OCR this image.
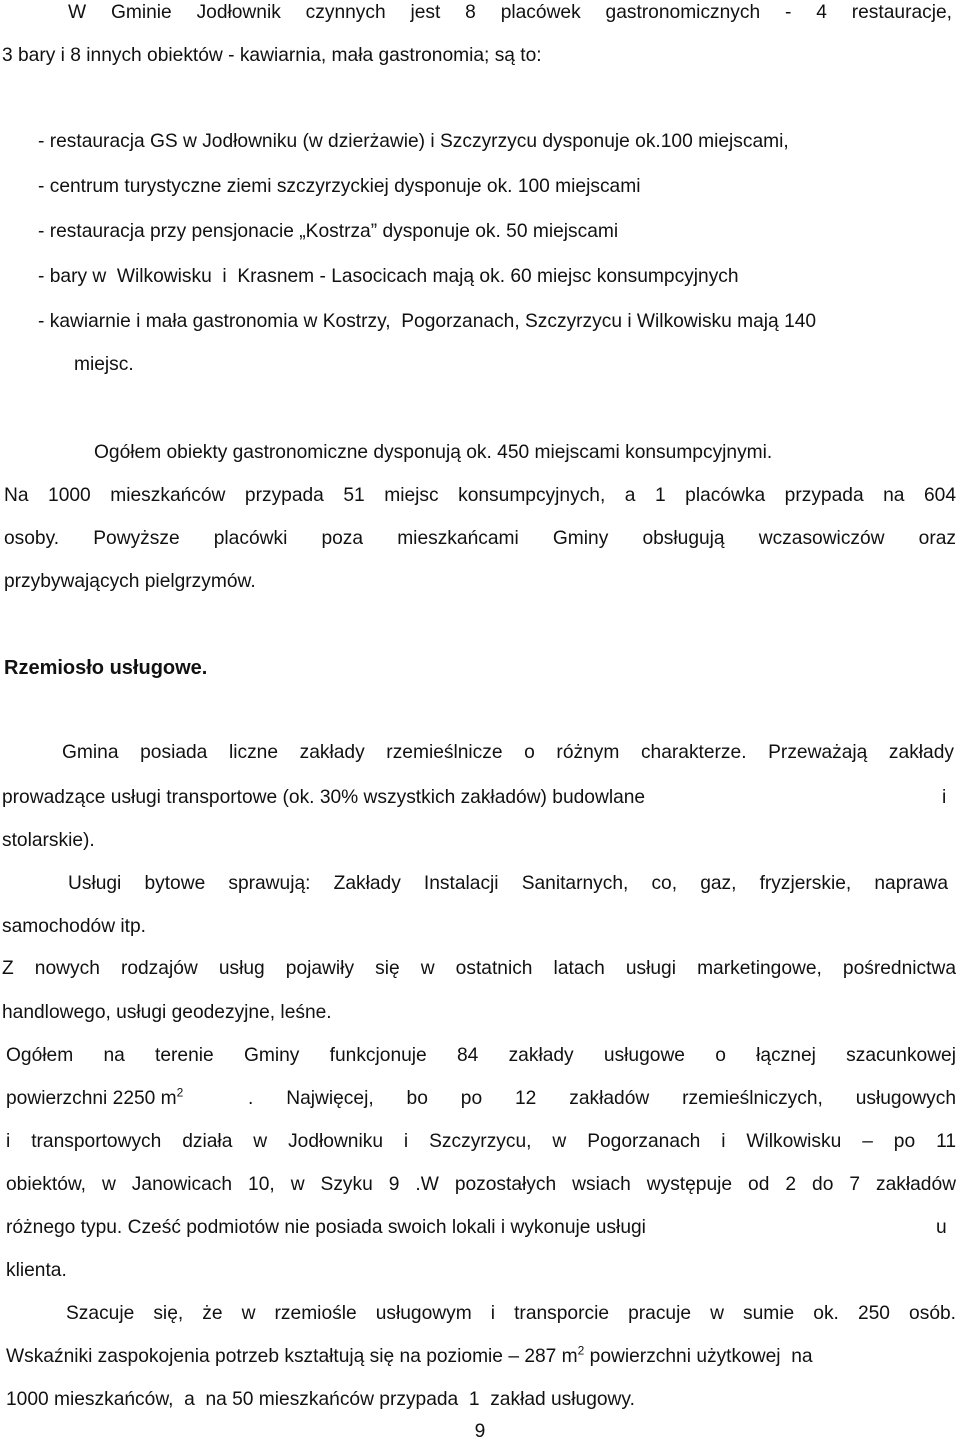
W Gminie Jodłownik czynnych jest 8 placówek gastronomicznych - 4 restauracje,
3 bary i 8 innych obiektów - kawiarnia, mała gastronomia; są to:
- restauracja GS w Jodłowniku (w dzierżawie) i Szczyrzycu dysponuje ok.100 miejscami,
- centrum turystyczne ziemi szczyrzyckiej dysponuje ok. 100 miejscami
- restauracja przy pensjonacie „Kostrza” dysponuje ok. 50 miejscami
- bary w  Wilkowisku  i  Krasnem - Lasocicach mają ok. 60 miejsc konsumpcyjnych
- kawiarnie i mała gastronomia w Kostrzy,  Pogorzanach, Szczyrzycu i Wilkowisku mają 140
miejsc.
Ogółem obiekty gastronomiczne dysponują ok. 450 miejscami konsumpcyjnymi.
Na 1000 mieszkańców przypada 51 miejsc konsumpcyjnych, a 1 placówka przypada na 604
osoby. Powyższe placówki poza mieszkańcami Gminy obsługują wczasowiczów oraz
przybywających pielgrzymów.
Rzemiosło usługowe.
Gmina posiada liczne zakłady rzemieślnicze o różnym charakterze. Przeważają zakłady
prowadzące usługi transportowe (ok. 30% wszystkich zakładów) budowlane	i
stolarskie).
Usługi bytowe sprawują: Zakłady Instalacji Sanitarnych, co, gaz, fryzjerskie, naprawa
samochodów itp.
Z nowych rodzajów usług pojawiły się w ostatnich latach usługi marketingowe, pośrednictwa
handlowego, usługi geodezyjne, leśne.
Ogółem na terenie Gminy funkcjonuje 84 zakłady usługowe o łącznej szacunkowej
powierzchni 2250 $m^2$	. Najwięcej, bo po 12 zakładów rzemieślniczych, usługowych
i transportowych działa w Jodłowniku i Szczyrzycu, w Pogorzanach i Wilkowisku – po 11
obiektów, w Janowicach 10, w Szyku 9 .W pozostałych wsiach występuje od 2 do 7 zakładów
różnego typu. Cześć podmiotów nie posiada swoich lokali i wykonuje usługi	u
klienta.
Szacuje się, że w rzemiośle usługowym i transporcie pracuje w sumie ok. 250 osób.
Wskaźniki zaspokojenia potrzeb kształtują się na poziomie – 287 $m^2$ powierzchni użytkowej  na
1000 mieszkańców,  a  na 50 mieszkańców przypada  1  zakład usługowy.
9
